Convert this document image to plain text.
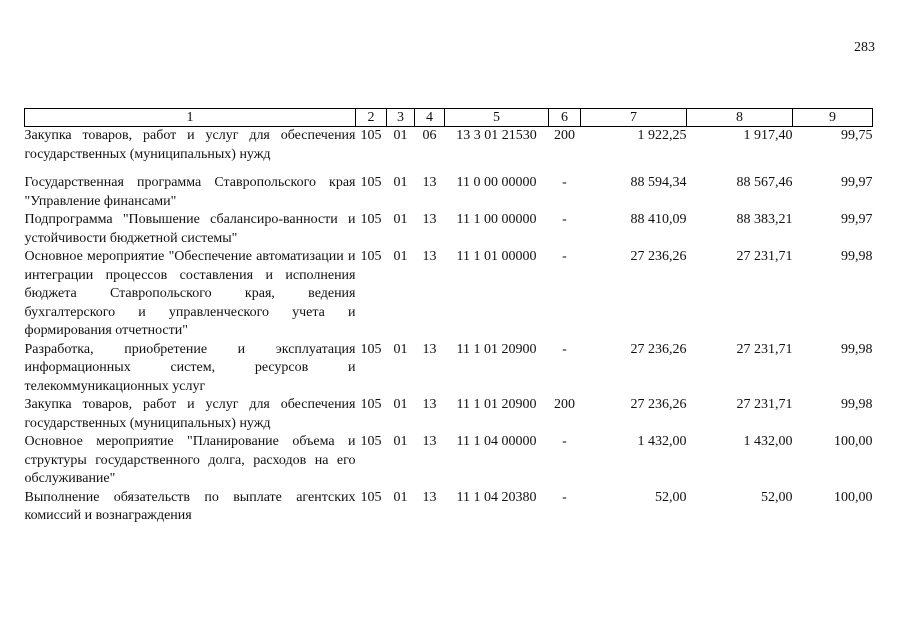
283
1	2	3	4	5	6	7	8	9
Закупка товаров, работ и услуг для обеспечения государственных (муниципальных) нужд	105	01	06	13 3 01 21530	200	1 922,25	1 917,40	99,75
Государственная программа Ставропольского края "Управление финансами"	105	01	13	11 0 00 00000	-	88 594,34	88 567,46	99,97
Подпрограмма "Повышение сбалансиро-ванности и устойчивости бюджетной системы"	105	01	13	11 1 00 00000	-	88 410,09	88 383,21	99,97
Основное мероприятие "Обеспечение автоматизации и интеграции процессов составления и исполнения бюджета Ставропольского края, ведения бухгалтерского и управленческого учета и формирования отчетности"	105	01	13	11 1 01 00000	-	27 236,26	27 231,71	99,98
Разработка, приобретение и эксплуатация информационных систем, ресурсов и телекоммуникационных услуг	105	01	13	11 1 01 20900	-	27 236,26	27 231,71	99,98
Закупка товаров, работ и услуг для обеспечения государственных (муниципальных) нужд	105	01	13	11 1 01 20900	200	27 236,26	27 231,71	99,98
Основное мероприятие "Планирование объема и структуры государственного долга, расходов на его обслуживание"	105	01	13	11 1 04 00000	-	1 432,00	1 432,00	100,00
Выполнение обязательств по выплате агентских комиссий и вознаграждения	105	01	13	11 1 04 20380	-	52,00	52,00	100,00
